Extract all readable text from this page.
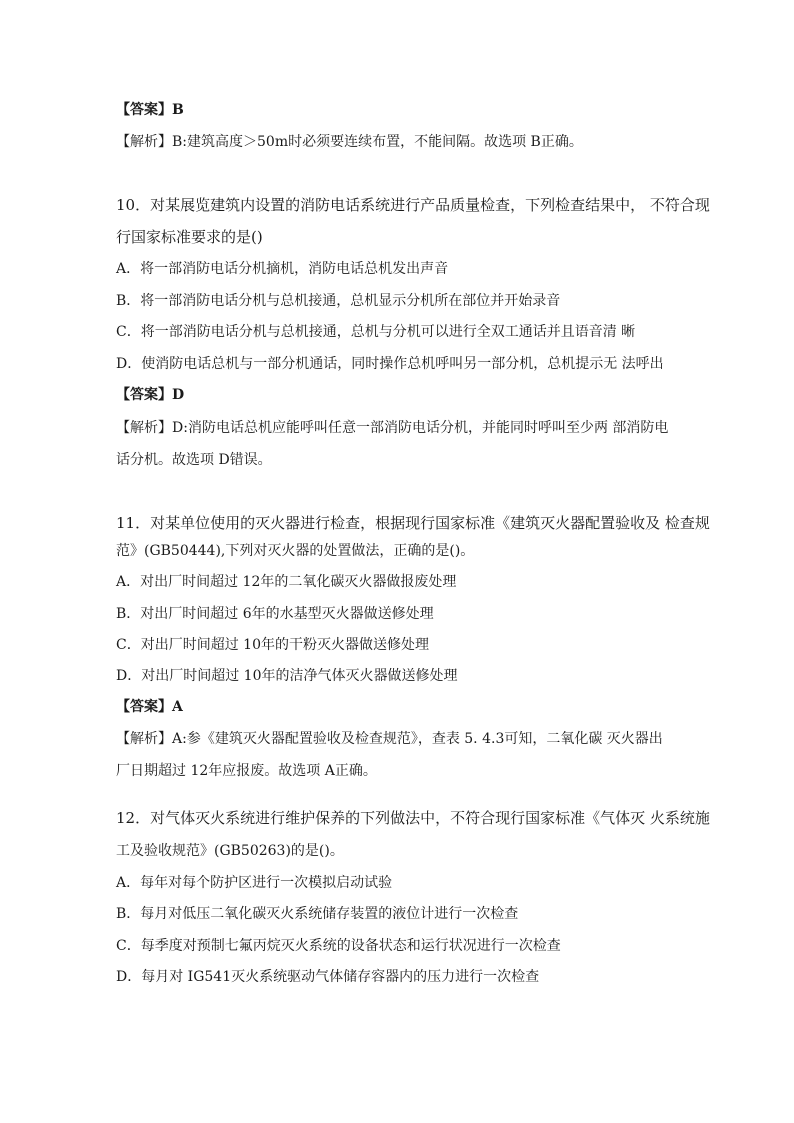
【答案】B
【解析】B:建筑高度＞50m时必须要连续布置，不能间隔。故选项 B正确。
10．对某展览建筑内设置的消防电话系统进行产品质量检查，下列检查结果中， 不符合现
行国家标准要求的是()
A．将一部消防电话分机摘机，消防电话总机发出声音
B．将一部消防电话分机与总机接通，总机显示分机所在部位并开始录音
C．将一部消防电话分机与总机接通，总机与分机可以进行全双工通话并且语音清 晰
D．使消防电话总机与一部分机通话，同时操作总机呼叫另一部分机，总机提示无 法呼出
【答案】D
【解析】D:消防电话总机应能呼叫任意一部消防电话分机，并能同时呼叫至少两 部消防电
话分机。故选项 D错误。
11．对某单位使用的灭火器进行检查，根据现行国家标准《建筑灭火器配置验收及 检查规
范》(GB50444),下列对灭火器的处置做法，正确的是()。
A．对出厂时间超过 12年的二氧化碳灭火器做报废处理
B．对出厂时间超过 6年的水基型灭火器做送修处理
C．对出厂时间超过 10年的干粉灭火器做送修处理
D．对出厂时间超过 10年的洁净气体灭火器做送修处理
【答案】A
【解析】A:参《建筑灭火器配置验收及检查规范》，查表 5. 4.3可知，二氧化碳 灭火器出
厂日期超过 12年应报废。故选项 A正确。
12．对气体灭火系统进行维护保养的下列做法中，不符合现行国家标准《气体灭 火系统施
工及验收规范》(GB50263)的是()。
A．每年对每个防护区进行一次模拟启动试验
B．每月对低压二氧化碳灭火系统储存装置的液位计进行一次检查
C．每季度对预制七氟丙烷灭火系统的设备状态和运行状况进行一次检查
D．每月对 IG541灭火系统驱动气体储存容器内的压力进行一次检查
